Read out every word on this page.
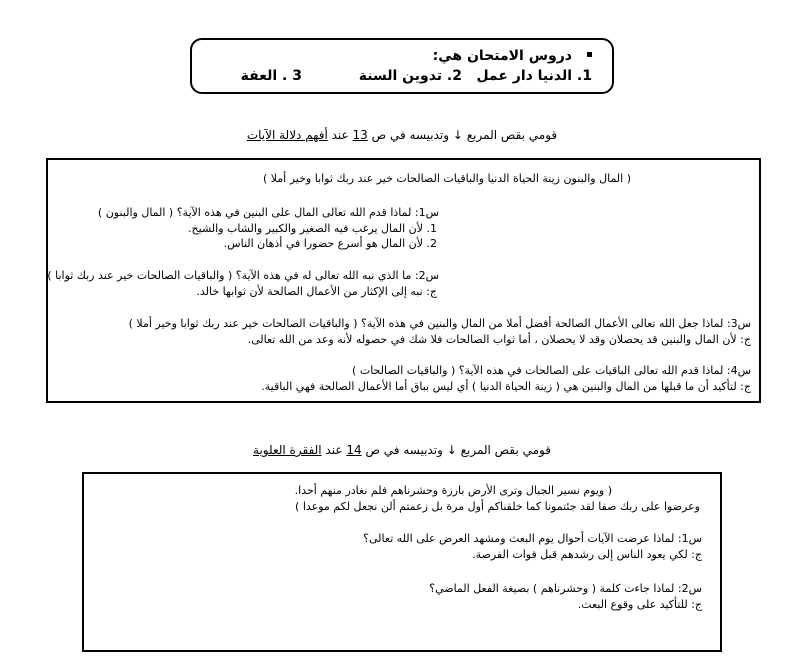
دروس الامتحان هي:
1. الدنيا دار عمل
2. تدوين السنة
3 . العفة
قومي بقص المربع ↓ وتدبيسه في ص 13 عند أفهم دلالة الآيات
( المال والبنون زينة الحياة الدنيا والباقيات الصالحات خير عند ربك ثوابا وخير أملا )
س1: لماذا قدم الله تعالى المال على البنين في هذه الآية؟ ( المال والبنون )
1. لأن المال يرغب فيه الصغير والكبير والشاب والشيخ.
2. لأن المال هو أسرع حضورا في أذهان الناس.
س2: ما الذي نبه الله تعالى له في هذه الآية؟ ( والباقيات الصالحات خير عند ربك ثوابا )
ج: نبه إلى الإكثار من الأعمال الصالحة لأن ثوابها خالد.
س3: لماذا جعل الله تعالى الأعمال الصالحة أفضل أملا من المال والبنين في هذه الآية؟ ( والباقيات الصالحات خير عند ربك ثوابا وخير أملا )
ج: لأن المال والبنين قد يحصلان وقد لا يحصلان ، أما ثواب الصالحات فلا شك في حصوله لأنه وعد من الله تعالى.
س4: لماذا قدم الله تعالى الباقيات على الصالحات في هذه الآية؟ ( والباقيات الصالحات )
ج: لتأكيد أن ما قبلها من المال والبنين هي ( زينة الحياة الدنيا ) أي ليس بباق أما الأعمال الصالحة فهي الباقية.
قومي بقص المربع ↓ وتدبيسه في ص 14 عند الفقرة العلوية
( ويوم نسير الجبال وترى الأرض بارزة وحشرناهم فلم نغادر منهم أحدا.
وعرضوا على ربك صفا لقد جئتمونا كما خلقناكم أول مرة بل زعمتم ألن نجعل لكم موعدا )
س1: لماذا عرضت الآيات أحوال يوم البعث ومشهد العرض على الله تعالى؟
ج: لكي يعود الناس إلى رشدهم قبل فوات الفرصة.
س2: لماذا جاءت كلمة ( وحشرناهم ) بصيغة الفعل الماضي؟
ج: للتأكيد على وقوع البعث.
